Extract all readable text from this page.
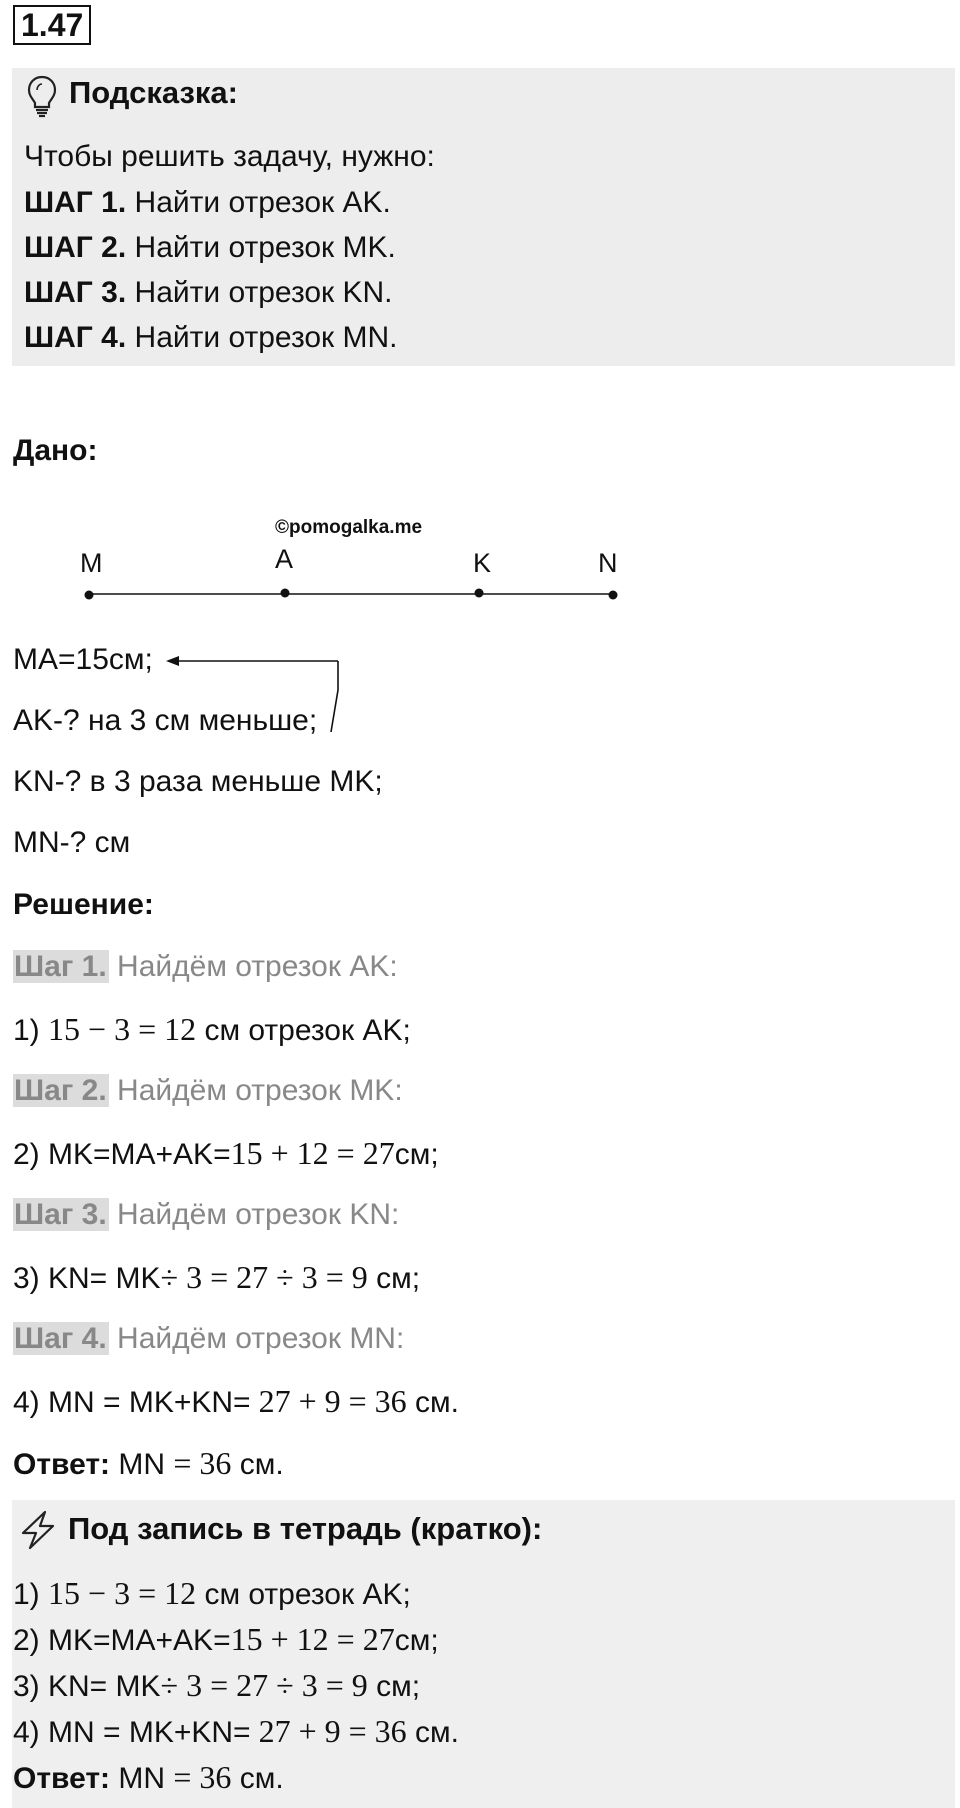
1.47
Подсказка:
Чтобы решить задачу, нужно:
ШАГ 1. Найти отрезок AK.
ШАГ 2. Найти отрезок MK.
ШАГ 3. Найти отрезок KN.
ШАГ 4. Найти отрезок MN.
Дано:
©pomogalka.me
M	A	K	N
MA=15см;
AK-? на 3 см меньше;
KN-? в 3 раза меньше MK;
MN-? см
Решение:
Шаг 1. Найдём отрезок AK:
1) 15 − 3 = 12 см отрезок AK;
Шаг 2. Найдём отрезок MK:
2) MK=MA+AK=15 + 12 = 27см;
Шаг 3. Найдём отрезок KN:
3) KN= MK÷ 3 = 27 ÷ 3 = 9 см;
Шаг 4. Найдём отрезок MN:
4) MN = MK+KN= 27 + 9 = 36 см.
Ответ: MN = 36 см.
Под запись в тетрадь (кратко):
1) 15 − 3 = 12 см отрезок AK;
2) MK=MA+AK=15 + 12 = 27см;
3) KN= MK÷ 3 = 27 ÷ 3 = 9 см;
4) MN = MK+KN= 27 + 9 = 36 см.
Ответ: MN = 36 см.
